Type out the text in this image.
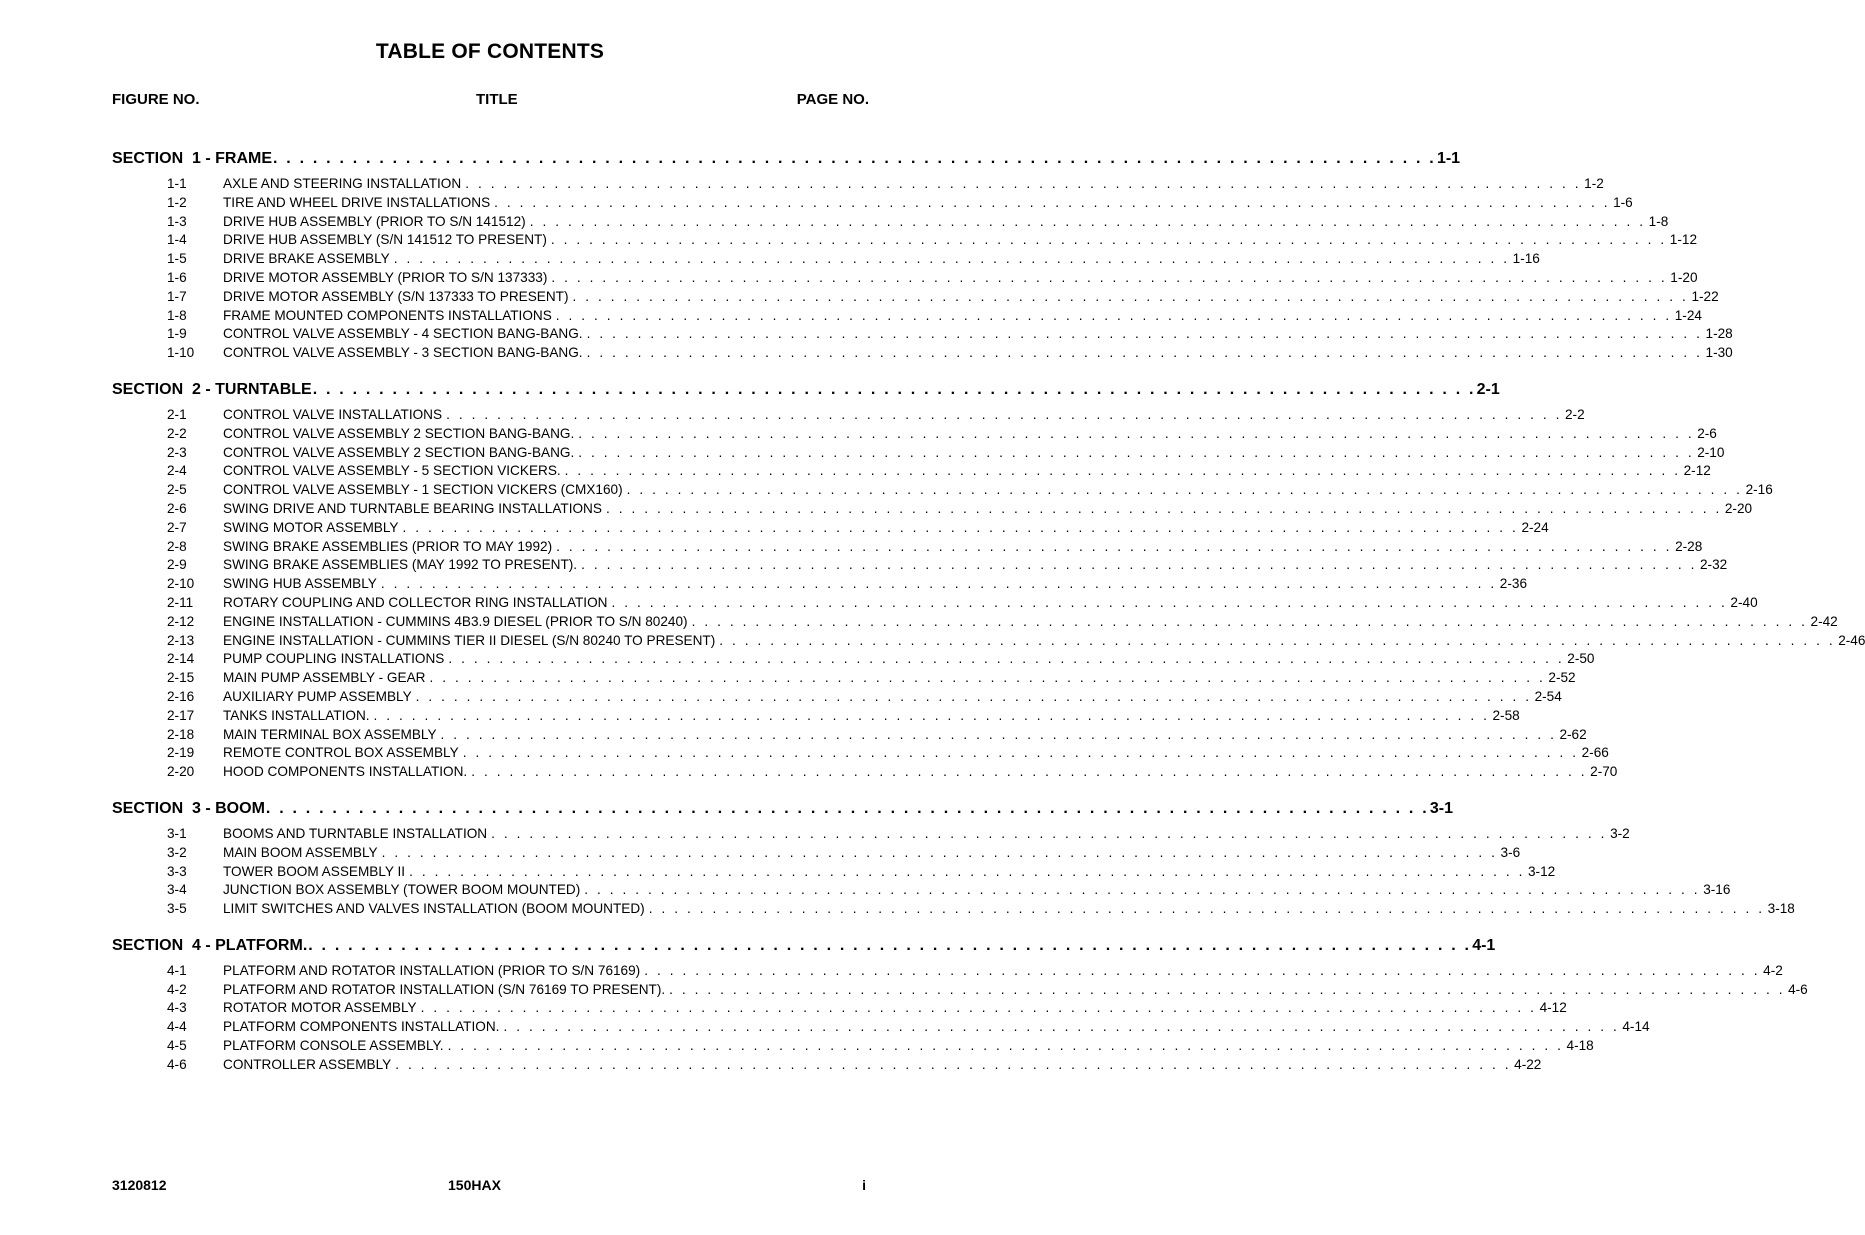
TABLE OF CONTENTS
FIGURE NO.	TITLE	PAGE NO.
SECTION  1 - FRAME . . . . . . . . . . . . . . . . . . . . . . . . . . . . . . . . . . . . . . . . . . . . . . . . . . . . . . . . . . . . . . . . . . . . . . . . . . . . . . . . . . . . . . . . 1-1
1-1	AXLE AND STEERING INSTALLATION . . . . . . . . . . . . . . . . . . . . . . . . . . . . . . . . . . . . . . . . . . . . . . . . . . . . . . . . . . . . . . . . . . . . . . . . . . . . . . . . . . . . . . . . 1-2
1-2	TIRE AND WHEEL DRIVE INSTALLATIONS . . . . . . . . . . . . . . . . . . . . . . . . . . . . . . . . . . . . . . . . . . . . . . . . . . . . . . . . . . . . . . . . . . . . . . . . . . . . . . . . . . . . . . . . 1-6
1-3	DRIVE HUB ASSEMBLY (PRIOR TO S/N 141512) . . . . . . . . . . . . . . . . . . . . . . . . . . . . . . . . . . . . . . . . . . . . . . . . . . . . . . . . . . . . . . . . . . . . . . . . . . . . . . . . . . . . . . . . 1-8
1-4	DRIVE HUB ASSEMBLY (S/N 141512 TO PRESENT) . . . . . . . . . . . . . . . . . . . . . . . . . . . . . . . . . . . . . . . . . . . . . . . . . . . . . . . . . . . . . . . . . . . . . . . . . . . . . . . . . . . . . . . . 1-12
1-5	DRIVE BRAKE ASSEMBLY . . . . . . . . . . . . . . . . . . . . . . . . . . . . . . . . . . . . . . . . . . . . . . . . . . . . . . . . . . . . . . . . . . . . . . . . . . . . . . . . . . . . . . . . 1-16
1-6	DRIVE MOTOR ASSEMBLY (PRIOR TO S/N 137333) . . . . . . . . . . . . . . . . . . . . . . . . . . . . . . . . . . . . . . . . . . . . . . . . . . . . . . . . . . . . . . . . . . . . . . . . . . . . . . . . . . . . . . . . 1-20
1-7	DRIVE MOTOR ASSEMBLY (S/N 137333 TO PRESENT) . . . . . . . . . . . . . . . . . . . . . . . . . . . . . . . . . . . . . . . . . . . . . . . . . . . . . . . . . . . . . . . . . . . . . . . . . . . . . . . . . . . . . . . . 1-22
1-8	FRAME MOUNTED COMPONENTS INSTALLATIONS . . . . . . . . . . . . . . . . . . . . . . . . . . . . . . . . . . . . . . . . . . . . . . . . . . . . . . . . . . . . . . . . . . . . . . . . . . . . . . . . . . . . . . . . 1-24
1-9	CONTROL VALVE ASSEMBLY - 4 SECTION BANG-BANG. . . . . . . . . . . . . . . . . . . . . . . . . . . . . . . . . . . . . . . . . . . . . . . . . . . . . . . . . . . . . . . . . . . . . . . . . . . . . . . . . . . . . . . . . 1-28
1-10	CONTROL VALVE ASSEMBLY - 3 SECTION BANG-BANG. . . . . . . . . . . . . . . . . . . . . . . . . . . . . . . . . . . . . . . . . . . . . . . . . . . . . . . . . . . . . . . . . . . . . . . . . . . . . . . . . . . . . . . . . 1-30
SECTION  2 - TURNTABLE . . . . . . . . . . . . . . . . . . . . . . . . . . . . . . . . . . . . . . . . . . . . . . . . . . . . . . . . . . . . . . . . . . . . . . . . . . . . . . . . . . . . . . . . 2-1
2-1	CONTROL VALVE INSTALLATIONS . . . . . . . . . . . . . . . . . . . . . . . . . . . . . . . . . . . . . . . . . . . . . . . . . . . . . . . . . . . . . . . . . . . . . . . . . . . . . . . . . . . . . . . . 2-2
2-2	CONTROL VALVE ASSEMBLY 2 SECTION BANG-BANG. . . . . . . . . . . . . . . . . . . . . . . . . . . . . . . . . . . . . . . . . . . . . . . . . . . . . . . . . . . . . . . . . . . . . . . . . . . . . . . . . . . . . . . . . 2-6
2-3	CONTROL VALVE ASSEMBLY 2 SECTION BANG-BANG. . . . . . . . . . . . . . . . . . . . . . . . . . . . . . . . . . . . . . . . . . . . . . . . . . . . . . . . . . . . . . . . . . . . . . . . . . . . . . . . . . . . . . . . . 2-10
2-4	CONTROL VALVE ASSEMBLY - 5 SECTION VICKERS. . . . . . . . . . . . . . . . . . . . . . . . . . . . . . . . . . . . . . . . . . . . . . . . . . . . . . . . . . . . . . . . . . . . . . . . . . . . . . . . . . . . . . . . . 2-12
2-5	CONTROL VALVE ASSEMBLY - 1 SECTION VICKERS (CMX160) . . . . . . . . . . . . . . . . . . . . . . . . . . . . . . . . . . . . . . . . . . . . . . . . . . . . . . . . . . . . . . . . . . . . . . . . . . . . . . . . . . . . . . . . 2-16
2-6	SWING DRIVE AND TURNTABLE BEARING INSTALLATIONS . . . . . . . . . . . . . . . . . . . . . . . . . . . . . . . . . . . . . . . . . . . . . . . . . . . . . . . . . . . . . . . . . . . . . . . . . . . . . . . . . . . . . . . . 2-20
2-7	SWING MOTOR ASSEMBLY . . . . . . . . . . . . . . . . . . . . . . . . . . . . . . . . . . . . . . . . . . . . . . . . . . . . . . . . . . . . . . . . . . . . . . . . . . . . . . . . . . . . . . . . 2-24
2-8	SWING BRAKE ASSEMBLIES (PRIOR TO MAY 1992) . . . . . . . . . . . . . . . . . . . . . . . . . . . . . . . . . . . . . . . . . . . . . . . . . . . . . . . . . . . . . . . . . . . . . . . . . . . . . . . . . . . . . . . . 2-28
2-9	SWING BRAKE ASSEMBLIES (MAY 1992 TO PRESENT). . . . . . . . . . . . . . . . . . . . . . . . . . . . . . . . . . . . . . . . . . . . . . . . . . . . . . . . . . . . . . . . . . . . . . . . . . . . . . . . . . . . . . . . . 2-32
2-10	SWING HUB ASSEMBLY . . . . . . . . . . . . . . . . . . . . . . . . . . . . . . . . . . . . . . . . . . . . . . . . . . . . . . . . . . . . . . . . . . . . . . . . . . . . . . . . . . . . . . . . 2-36
2-11	ROTARY COUPLING AND COLLECTOR RING INSTALLATION . . . . . . . . . . . . . . . . . . . . . . . . . . . . . . . . . . . . . . . . . . . . . . . . . . . . . . . . . . . . . . . . . . . . . . . . . . . . . . . . . . . . . . . . 2-40
2-12	ENGINE INSTALLATION - CUMMINS 4B3.9 DIESEL (PRIOR TO S/N 80240) . . . . . . . . . . . . . . . . . . . . . . . . . . . . . . . . . . . . . . . . . . . . . . . . . . . . . . . . . . . . . . . . . . . . . . . . . . . . . . . . . . . . . . . . 2-42
2-13	ENGINE INSTALLATION - CUMMINS TIER II DIESEL (S/N 80240 TO PRESENT) . . . . . . . . . . . . . . . . . . . . . . . . . . . . . . . . . . . . . . . . . . . . . . . . . . . . . . . . . . . . . . . . . . . . . . . . . . . . . . . . . . . . . . . . 2-46
2-14	PUMP COUPLING INSTALLATIONS . . . . . . . . . . . . . . . . . . . . . . . . . . . . . . . . . . . . . . . . . . . . . . . . . . . . . . . . . . . . . . . . . . . . . . . . . . . . . . . . . . . . . . . . 2-50
2-15	MAIN PUMP ASSEMBLY - GEAR . . . . . . . . . . . . . . . . . . . . . . . . . . . . . . . . . . . . . . . . . . . . . . . . . . . . . . . . . . . . . . . . . . . . . . . . . . . . . . . . . . . . . . . . 2-52
2-16	AUXILIARY PUMP ASSEMBLY . . . . . . . . . . . . . . . . . . . . . . . . . . . . . . . . . . . . . . . . . . . . . . . . . . . . . . . . . . . . . . . . . . . . . . . . . . . . . . . . . . . . . . . . 2-54
2-17	TANKS INSTALLATION. . . . . . . . . . . . . . . . . . . . . . . . . . . . . . . . . . . . . . . . . . . . . . . . . . . . . . . . . . . . . . . . . . . . . . . . . . . . . . . . . . . . . . . . . 2-58
2-18	MAIN TERMINAL BOX ASSEMBLY . . . . . . . . . . . . . . . . . . . . . . . . . . . . . . . . . . . . . . . . . . . . . . . . . . . . . . . . . . . . . . . . . . . . . . . . . . . . . . . . . . . . . . . . 2-62
2-19	REMOTE CONTROL BOX ASSEMBLY . . . . . . . . . . . . . . . . . . . . . . . . . . . . . . . . . . . . . . . . . . . . . . . . . . . . . . . . . . . . . . . . . . . . . . . . . . . . . . . . . . . . . . . . 2-66
2-20	HOOD COMPONENTS INSTALLATION. . . . . . . . . . . . . . . . . . . . . . . . . . . . . . . . . . . . . . . . . . . . . . . . . . . . . . . . . . . . . . . . . . . . . . . . . . . . . . . . . . . . . . . . . 2-70
SECTION  3 - BOOM . . . . . . . . . . . . . . . . . . . . . . . . . . . . . . . . . . . . . . . . . . . . . . . . . . . . . . . . . . . . . . . . . . . . . . . . . . . . . . . . . . . . . . . . 3-1
3-1	BOOMS AND TURNTABLE INSTALLATION . . . . . . . . . . . . . . . . . . . . . . . . . . . . . . . . . . . . . . . . . . . . . . . . . . . . . . . . . . . . . . . . . . . . . . . . . . . . . . . . . . . . . . . . 3-2
3-2	MAIN BOOM ASSEMBLY . . . . . . . . . . . . . . . . . . . . . . . . . . . . . . . . . . . . . . . . . . . . . . . . . . . . . . . . . . . . . . . . . . . . . . . . . . . . . . . . . . . . . . . . 3-6
3-3	TOWER BOOM ASSEMBLY II . . . . . . . . . . . . . . . . . . . . . . . . . . . . . . . . . . . . . . . . . . . . . . . . . . . . . . . . . . . . . . . . . . . . . . . . . . . . . . . . . . . . . . . . 3-12
3-4	JUNCTION BOX ASSEMBLY (TOWER BOOM MOUNTED) . . . . . . . . . . . . . . . . . . . . . . . . . . . . . . . . . . . . . . . . . . . . . . . . . . . . . . . . . . . . . . . . . . . . . . . . . . . . . . . . . . . . . . . . 3-16
3-5	LIMIT SWITCHES AND VALVES INSTALLATION (BOOM MOUNTED) . . . . . . . . . . . . . . . . . . . . . . . . . . . . . . . . . . . . . . . . . . . . . . . . . . . . . . . . . . . . . . . . . . . . . . . . . . . . . . . . . . . . . . . . 3-18
SECTION  4 - PLATFORM. . . . . . . . . . . . . . . . . . . . . . . . . . . . . . . . . . . . . . . . . . . . . . . . . . . . . . . . . . . . . . . . . . . . . . . . . . . . . . . . . . . . . . . . . 4-1
4-1	PLATFORM AND ROTATOR INSTALLATION (PRIOR TO S/N 76169) . . . . . . . . . . . . . . . . . . . . . . . . . . . . . . . . . . . . . . . . . . . . . . . . . . . . . . . . . . . . . . . . . . . . . . . . . . . . . . . . . . . . . . . . 4-2
4-2	PLATFORM AND ROTATOR INSTALLATION (S/N 76169 TO PRESENT). . . . . . . . . . . . . . . . . . . . . . . . . . . . . . . . . . . . . . . . . . . . . . . . . . . . . . . . . . . . . . . . . . . . . . . . . . . . . . . . . . . . . . . . . 4-6
4-3	ROTATOR MOTOR ASSEMBLY . . . . . . . . . . . . . . . . . . . . . . . . . . . . . . . . . . . . . . . . . . . . . . . . . . . . . . . . . . . . . . . . . . . . . . . . . . . . . . . . . . . . . . . . 4-12
4-4	PLATFORM COMPONENTS INSTALLATION. . . . . . . . . . . . . . . . . . . . . . . . . . . . . . . . . . . . . . . . . . . . . . . . . . . . . . . . . . . . . . . . . . . . . . . . . . . . . . . . . . . . . . . . . 4-14
4-5	PLATFORM CONSOLE ASSEMBLY. . . . . . . . . . . . . . . . . . . . . . . . . . . . . . . . . . . . . . . . . . . . . . . . . . . . . . . . . . . . . . . . . . . . . . . . . . . . . . . . . . . . . . . . . 4-18
4-6	CONTROLLER ASSEMBLY . . . . . . . . . . . . . . . . . . . . . . . . . . . . . . . . . . . . . . . . . . . . . . . . . . . . . . . . . . . . . . . . . . . . . . . . . . . . . . . . . . . . . . . . 4-22
3120812	150HAX	i
